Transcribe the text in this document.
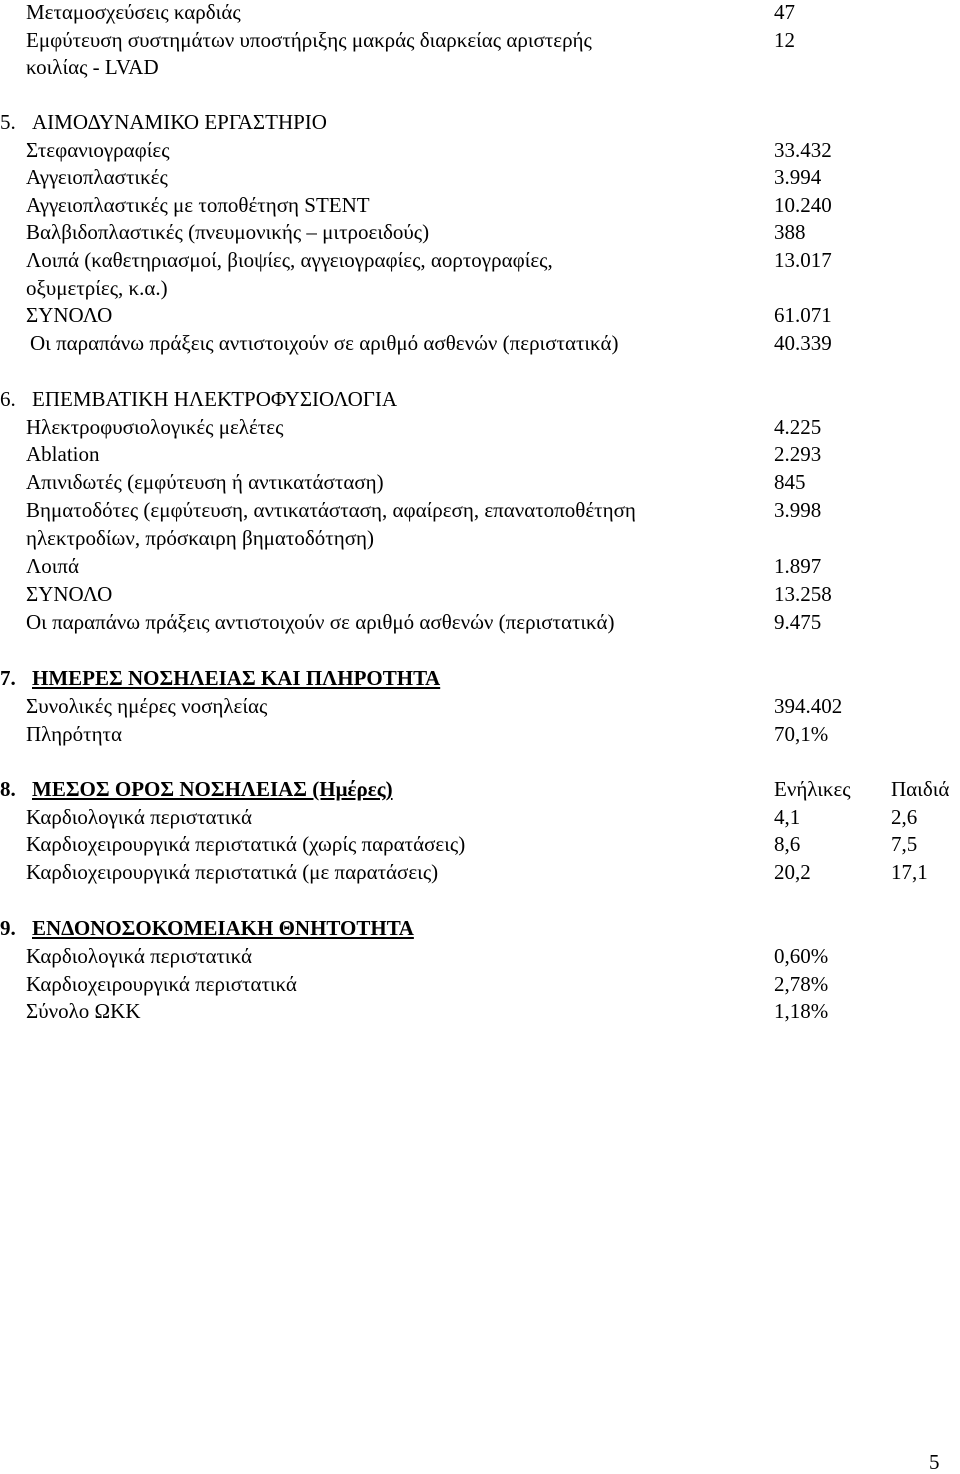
Μεταμοσχεύσεις καρδιάς	47
Εμφύτευση συστημάτων υποστήριξης μακράς διαρκείας αριστερής	12
κοιλίας - LVAD
5. ΑΙΜΟΔΥΝΑΜΙΚΟ ΕΡΓΑΣΤΗΡΙΟ
Στεφανιογραφίες	33.432
Αγγειοπλαστικές	3.994
Αγγειοπλαστικές με τοποθέτηση STENT	10.240
Βαλβιδοπλαστικές (πνευμονικής – μιτροειδούς)	388
Λοιπά (καθετηριασμοί, βιοψίες, αγγειογραφίες, αορτογραφίες,	13.017
οξυμετρίες, κ.α.)
ΣΥΝΟΛΟ	61.071
Οι παραπάνω πράξεις αντιστοιχούν σε αριθμό ασθενών (περιστατικά)	40.339
6. ΕΠΕΜΒΑΤΙΚΗ ΗΛΕΚΤΡΟΦΥΣΙΟΛΟΓΙΑ
Ηλεκτροφυσιολογικές μελέτες	4.225
Ablation	2.293
Απινιδωτές (εμφύτευση ή αντικατάσταση)	845
Βηματοδότες (εμφύτευση, αντικατάσταση, αφαίρεση, επανατοποθέτηση	3.998
ηλεκτροδίων, πρόσκαιρη βηματοδότηση)
Λοιπά	1.897
ΣΥΝΟΛΟ	13.258
Οι παραπάνω πράξεις αντιστοιχούν σε αριθμό ασθενών (περιστατικά)	9.475
7. ΗΜΕΡΕΣ ΝΟΣΗΛΕΙΑΣ ΚΑΙ ΠΛΗΡΟΤΗΤΑ
Συνολικές ημέρες νοσηλείας	394.402
Πληρότητα	70,1%
8. ΜΕΣΟΣ ΟΡΟΣ ΝΟΣΗΛΕΙΑΣ (Ημέρες)	Ενήλικες Παιδιά
Καρδιολογικά περιστατικά	4,1	2,6
Καρδιοχειρουργικά περιστατικά (χωρίς παρατάσεις)	8,6	7,5
Καρδιοχειρουργικά περιστατικά (με παρατάσεις)	20,2	17,1
9. ΕΝΔΟΝΟΣΟΚΟΜΕΙΑΚΗ ΘΝΗΤΟΤΗΤΑ
Καρδιολογικά περιστατικά	0,60%
Καρδιοχειρουργικά περιστατικά	2,78%
Σύνολο ΩΚΚ	1,18%
5
